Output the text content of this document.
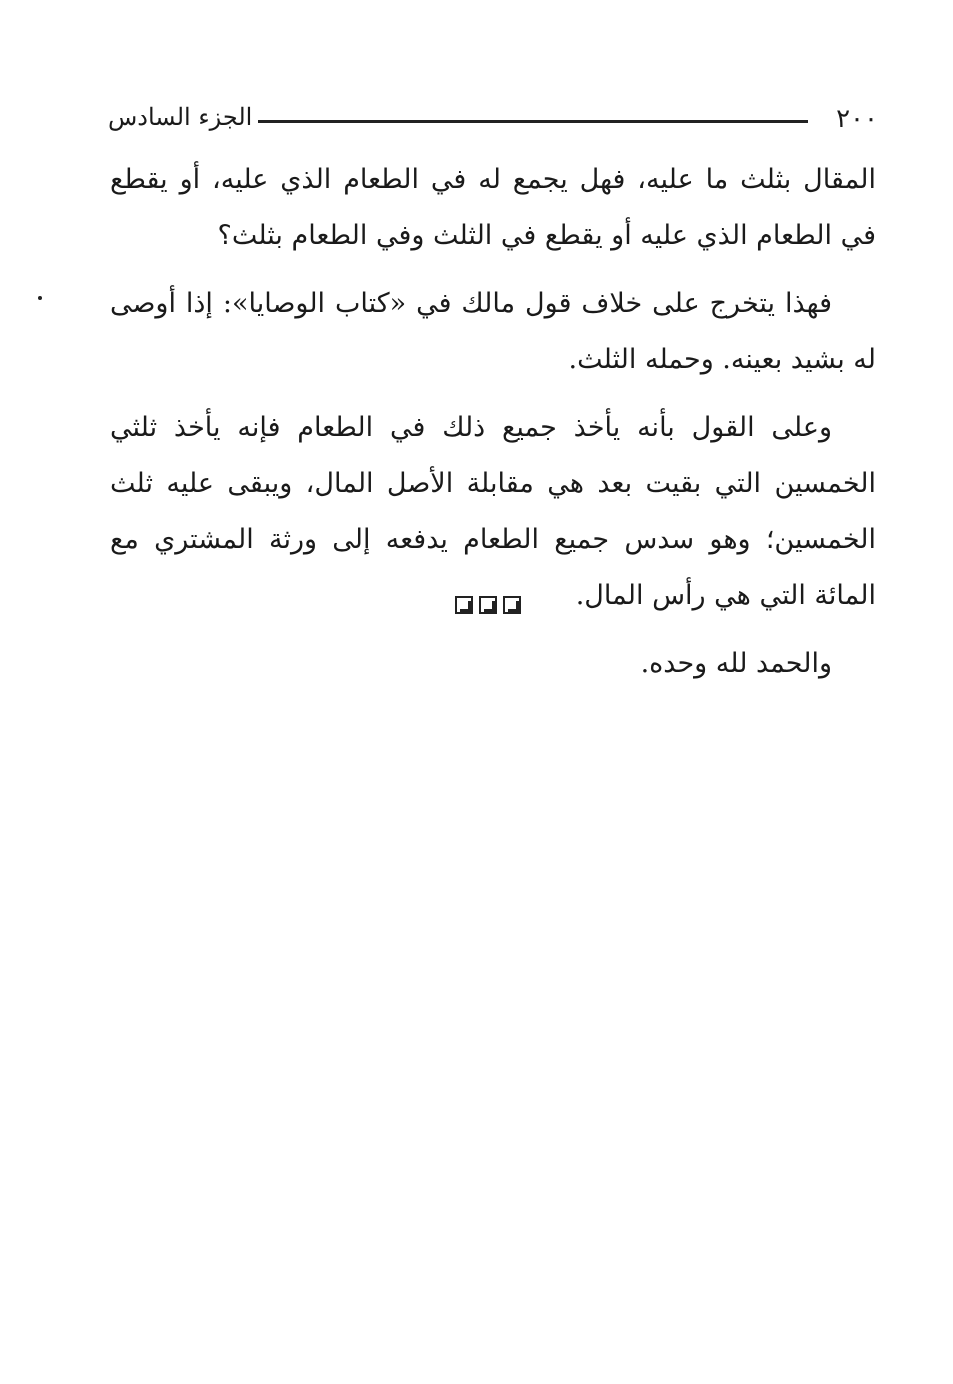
٢٠٠
الجزء السادس

المقال بثلث ما عليه، فهل يجمع له في الطعام الذي عليه، أو يقطع في الطعام الذي عليه أو يقطع في الثلث وفي الطعام بثلث؟

فهذا يتخرج على خلاف قول مالك في «كتاب الوصايا»: إذا أوصى له بشيد بعينه. وحمله الثلث.

وعلى القول بأنه يأخذ جميع ذلك في الطعام فإنه يأخذ ثلثي الخمسين التي بقيت بعد هي مقابلة الأصل المال، ويبقى عليه ثلث الخمسين؛ وهو سدس جميع الطعام يدفعه إلى ورثة المشتري مع المائة التي هي رأس المال.

والحمد لله وحده.
